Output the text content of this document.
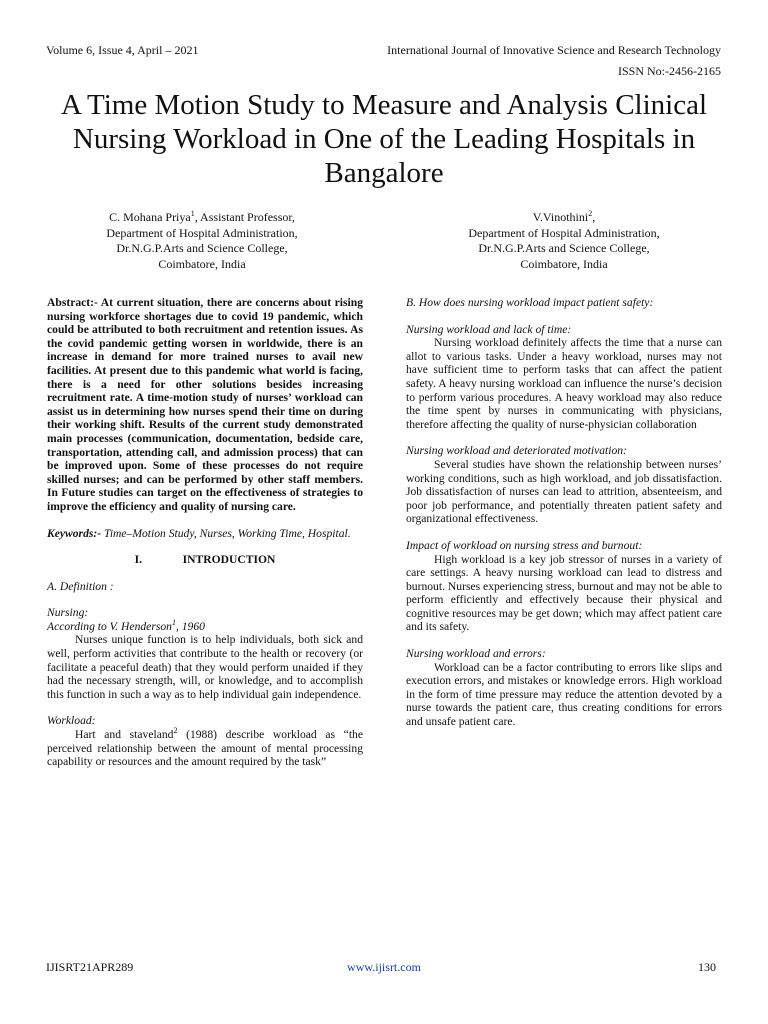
Volume 6, Issue 4, April – 2021	International Journal of Innovative Science and Research Technology
ISSN No:-2456-2165
A Time Motion Study to Measure and Analysis Clinical Nursing Workload in One of the Leading Hospitals in Bangalore
C. Mohana Priya$^1$, Assistant Professor,
Department of Hospital Administration,
Dr.N.G.P.Arts and Science College,
Coimbatore, India
V.Vinothini$^2$,
Department of Hospital Administration,
Dr.N.G.P.Arts and Science College,
Coimbatore, India

Abstract:- At current situation, there are concerns about rising nursing workforce shortages due to covid 19 pandemic, which could be attributed to both recruitment and retention issues. As the covid pandemic getting worsen in worldwide, there is an increase in demand for more trained nurses to avail new facilities. At present due to this pandemic what world is facing, there is a need for other solutions besides increasing recruitment rate. A time-motion study of nurses’ workload can assist us in determining how nurses spend their time on during their working shift. Results of the current study demonstrated main processes (communication, documentation, bedside care, transportation, attending call, and admission process) that can be improved upon. Some of these processes do not require skilled nurses; and can be performed by other staff members. In Future studies can target on the effectiveness of strategies to improve the efficiency and quality of nursing care.

Keywords:- Time–Motion Study, Nurses, Working Time, Hospital.

I.	INTRODUCTION

A. Definition :

Nursing:

According to V. Henderson$^1$, 1960

Nurses unique function is to help individuals, both sick and well, perform activities that contribute to the health or recovery (or facilitate a peaceful death) that they would perform unaided if they had the necessary strength, will, or knowledge, and to accomplish this function in such a way as to help individual gain independence.

Workload:

Hart and staveland$^2$ (1988) describe workload as “the perceived relationship between the amount of mental processing capability or resources and the amount required by the task”

B. How does nursing workload impact patient safety:

Nursing workload and lack of time:

Nursing workload definitely affects the time that a nurse can allot to various tasks. Under a heavy workload, nurses may not have sufficient time to perform tasks that can affect the patient safety. A heavy nursing workload can influence the nurse’s decision to perform various procedures. A heavy workload may also reduce the time spent by nurses in communicating with physicians, therefore affecting the quality of nurse-physician collaboration

Nursing workload and deteriorated motivation:

Several studies have shown the relationship between nurses’ working conditions, such as high workload, and job dissatisfaction. Job dissatisfaction of nurses can lead to attrition, absenteeism, and poor job performance, and potentially threaten patient safety and organizational effectiveness.

Impact of workload on nursing stress and burnout:

High workload is a key job stressor of nurses in a variety of care settings. A heavy nursing workload can lead to distress and burnout. Nurses experiencing stress, burnout and may not be able to perform efficiently and effectively because their physical and cognitive resources may be get down; which may affect patient care and its safety.

Nursing workload and errors:

Workload can be a factor contributing to errors like slips and execution errors, and mistakes or knowledge errors. High workload in the form of time pressure may reduce the attention devoted by a nurse towards the patient care, thus creating conditions for errors and unsafe patient care.

IJISRT21APR289	www.ijisrt.com	130
